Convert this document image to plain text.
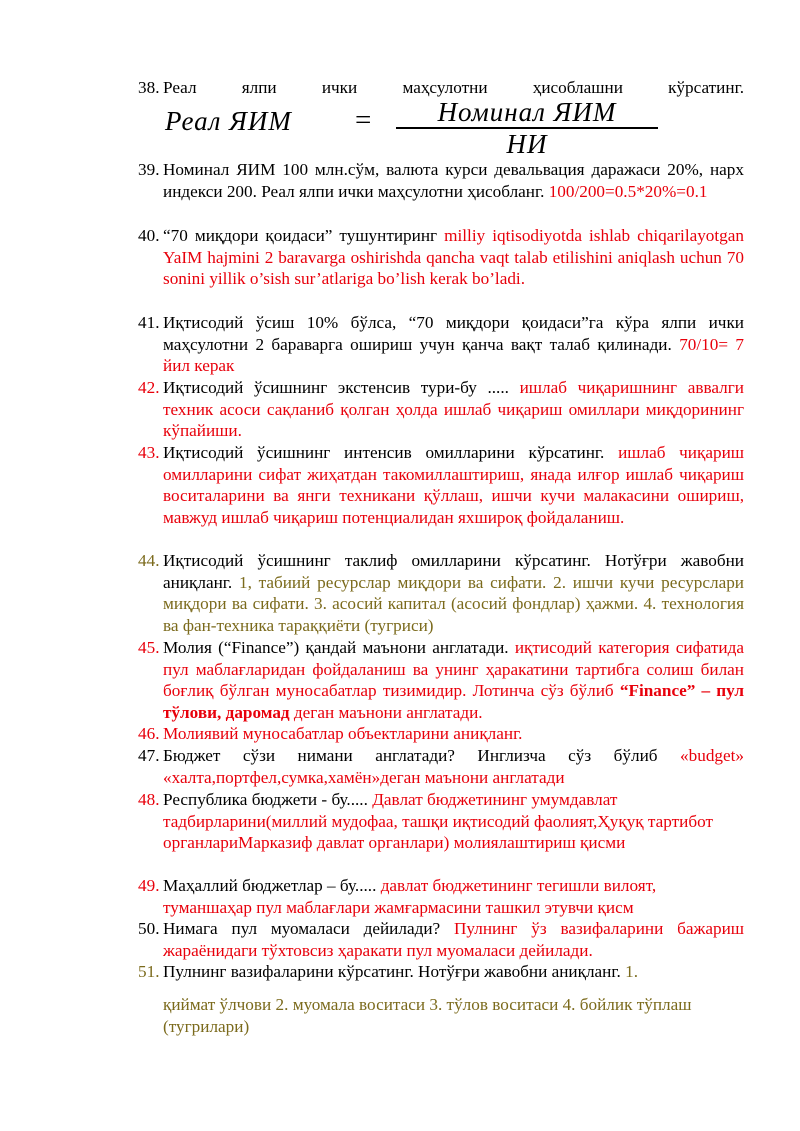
38. Реал ялпи ички маҳсулотни ҳисоблашни кўрсатинг.
Реал ЯИМ =	Номинал ЯИМ
НИ
39. Номинал ЯИМ 100 млн.сўм, валюта курси девальвация даражаси 20%, нарх индекси 200. Реал ялпи ички маҳсулотни ҳисобланг. 100/200=0.5*20%=0.1
40. “70 миқдори қоидаси” тушунтиринг milliy iqtisodiyotda ishlab chiqarilayotgan YaIM hajmini 2 baravarga oshirishda qancha vaqt talab etilishini aniqlash uchun 70 sonini yillik o’sish sur’atlariga bo’lish kerak bo’ladi.
41. Иқтисодий ўсиш 10% бўлса, “70 миқдори қоидаси”га кўра ялпи ички маҳсулотни 2 бараварга ошириш учун қанча вақт талаб қилинади. 70/10= 7 йил керак
42. Иқтисодий ўсишнинг экстенсив тури-бу ..... ишлаб чиқаришнинг аввалги техник асоси сақланиб қолган ҳолда ишлаб чиқариш омиллари миқдорининг кўпайиши.
43. Иқтисодий ўсишнинг интенсив омилларини кўрсатинг. ишлаб чиқариш омилларини сифат жиҳатдан такомиллаштириш, янада илғор ишлаб чиқариш воситаларини ва янги техникани қўллаш, ишчи кучи малакасини ошириш, мавжуд ишлаб чиқариш потенциалидан яхшироқ фойдаланиш.
44. Иқтисодий ўсишнинг таклиф омилларини кўрсатинг. Нотўғри жавобни аниқланг. 1, табиий ресурслар миқдори ва сифати. 2. ишчи кучи ресурслари миқдори ва сифати. 3. асосий капитал (асосий фондлар) ҳажми. 4. технология ва фан-техника тараққиёти (тугриси)
45. Молия (“Finance”) қандай маънони англатади. иқтисодий категория сифатида пул маблағларидан фойдаланиш ва унинг ҳаракатини тартибга солиш билан боғлиқ бўлган муносабатлар тизимидир. Лотинча сўз бўлиб “Finance” – пул тўлови, даромад деган маънони англатади.
46. Молиявий муносабатлар объектларини аниқланг.
47. Бюджет сўзи нимани англатади? Инглизча сўз бўлиб «budget» «халта,портфел,сумка,хамён»деган маънони англатади
48. Республика бюджети - бу..... Давлат бюджетининг умумдавлат тадбирларини(миллий мудофаа, ташқи иқтисодий фаолият,Ҳуқуқ тартибот органлариМарказиф давлат органлари) молиялаштириш қисми
49. Маҳаллий бюджетлар – бу..... давлат бюджетининг тегишли вилоят, туманшаҳар пул маблағлари жамғармасини ташкил этувчи қисм
50. Нимага пул муомаласи дейилади? Пулнинг ўз вазифаларини бажариш жараёнидаги тўхтовсиз ҳаракати пул муомаласи дейилади.
51. Пулнинг вазифаларини кўрсатинг. Нотўғри жавобни аниқланг. 1.
қиймат ўлчови 2. муомала воситаси 3. тўлов воситаси 4. бойлик тўплаш (тугрилари)
